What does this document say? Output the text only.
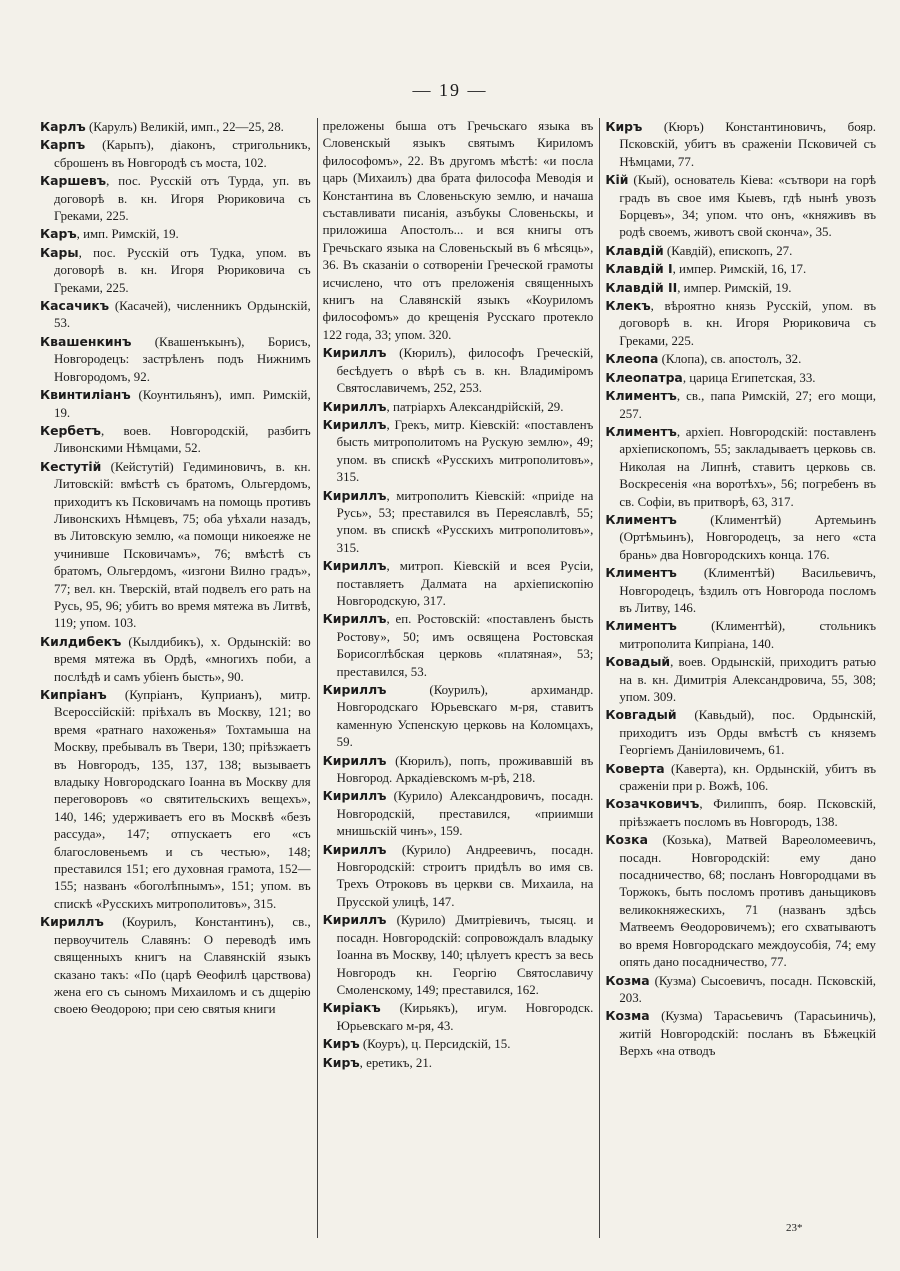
— 19 —

Карлъ (Карулъ) Великій, имп., 22—25, 28.

Карпъ (Карьпъ), діаконъ, стригольникъ, сброшенъ въ Новгородѣ съ моста, 102.

Каршевъ, пос. Русскій отъ Турда, уп. въ договорѣ в. кн. Игоря Рюриковича съ Греками, 225.

Каръ, имп. Римскій, 19.

Кары, пос. Русскій отъ Тудка, упом. въ договорѣ в. кн. Игоря Рюриковича съ Греками, 225.

Касачикъ (Касачей), численникъ Ордынскій, 53.

Квашенкинъ (Квашенъкынъ), Борисъ, Новгородецъ: застрѣленъ подъ Нижнимъ Новгородомъ, 92.

Квинтиліанъ (Коунтильянъ), имп. Римскій, 19.

Кербетъ, воев. Новгородскій, разбитъ Ливонскими Нѣмцами, 52.

Кестутій (Кейстутій) Гедиминовичъ, в. кн. Литовскій: вмѣстѣ съ братомъ, Ольгердомъ, приходитъ къ Псковичамъ на помощь противъ Ливонскихъ Нѣмцевъ, 75; оба уѣхали назадъ, въ Литовскую землю, «а помощи никоеяже не учинивше Псковичамъ», 76; вмѣстѣ съ братомъ, Ольгердомъ, «изгони Вилно градъ», 77; вел. кн. Тверскій, втай подвелъ его рать на Русь, 95, 96; убитъ во время мятежа въ Литвѣ, 119; упом. 103.

Килдибекъ (Кылдибикъ), х. Ордынскій: во время мятежа въ Ордѣ, «многихъ поби, а послѣдѣ и самъ убіенъ бысть», 90.

Кипріанъ (Купріанъ, Куприанъ), митр. Всероссійскій: пріѣхалъ въ Москву, 121; во время «ратнаго нахоженья» Тохтамыша на Москву, пребывалъ въ Твери, 130; пріѣзжаетъ въ Новгородъ, 135, 137, 138; вызываетъ владыку Новгородскаго Іоанна въ Москву для переговоровъ «о святительскихъ вещехъ», 140, 146; удерживаетъ его въ Москвѣ «безъ расcуда», 147; отпускаетъ его «съ благословеньемъ и съ честью», 148; преставился 151; его духовная грамота, 152—155; названъ «боголѣпнымъ», 151; упом. въ спискѣ «Русскихъ митрополитовъ», 315.

Кириллъ (Коурилъ, Константинъ), св., первоучитель Славянъ: О переводѣ имъ священныхъ книгъ на Славянскій языкъ сказано такъ: «По (царѣ Ѳеофилѣ царствова) жена его съ сыномъ Михаиломъ и съ дщерію своею Ѳеодорою; при сею святыя книги

преложены быша отъ Гречьскаго языка въ Словенскый языкъ святымъ Кириломъ философомъ», 22. Въ другомъ мѣстѣ: «и посла царь (Михаилъ) два брата философа Меводія и Константина въ Словеньскую землю, и начаша съставливати писанія, азъбукы Словеньскы, и приложиша Апостолъ... и вся книгы отъ Гречьскаго языка на Словеньскый въ 6 мѣсяць», 36. Въ сказаніи о сотвореніи Греческой грамоты исчислено, что отъ преложенія священныхъ книгъ на Славянскій языкъ «Коуриломъ философомъ» до крещенія Русскаго протекло 122 года, 33; упом. 320.

Кириллъ (Кюрилъ), философъ Греческій, бесѣдуетъ о вѣрѣ съ в. кн. Владиміромъ Святославичемъ, 252, 253.

Кириллъ, патріархъ Александрійскій, 29.

Кириллъ, Грекъ, митр. Кіевскій: «поставленъ бысть митрополитомъ на Рускую землю», 49; упом. въ спискѣ «Русскихъ митрополитовъ», 315.

Кириллъ, митрополитъ Кіевскій: «приіде на Русь», 53; преставился въ Переяславлѣ, 55; упом. въ спискѣ «Русскихъ митрополитовъ», 315.

Кириллъ, митроп. Кіевскій и всея Русіи, поставляетъ Далмата на архіепископію Новгородскую, 317.

Кириллъ, еп. Ростовскій: «поставленъ бысть Ростову», 50; имъ освящена Ростовская Борисоглѣбская церковь «платяная», 53; преставился, 53.

Кириллъ (Коурилъ), архимандр. Новгородскаго Юрьевскаго м-ря, ставитъ каменную Успенскую церковь на Коломцахъ, 59.

Кириллъ (Кюрилъ), попъ, проживавшій въ Новгород. Аркадіевскомъ м-рѣ, 218.

Кириллъ (Курило) Александровичъ, посадн. Новгородскій, преставился, «приимши мнишьскій чинъ», 159.

Кириллъ (Курило) Андреевичъ, посадн. Новгородскій: строитъ придѣлъ во имя св. Трехъ Отроковъ въ церкви св. Михаила, на Прусской улицѣ, 147.

Кириллъ (Курило) Дмитріевичъ, тысяц. и посадн. Новгородскій: сопровождалъ владыку Іоанна въ Москву, 140; цѣлуетъ крестъ за весь Новгородъ кн. Георгію Святославичу Смоленскому, 149; преставился, 162.

Киріакъ (Кирьякъ), игум. Новгородск. Юрьевскаго м-ря, 43.

Киръ (Коуръ), ц. Персидскій, 15.

Киръ, еретикъ, 21.

Киръ (Кюръ) Константиновичъ, бояр. Псковскій, убитъ въ сраженіи Псковичей съ Нѣмцами, 77.

Кій (Кый), основатель Кіева: «сътвори на горѣ градъ въ свое имя Кыевъ, гдѣ нынѣ увозъ Борцевъ», 34; упом. что онъ, «княживъ въ родѣ своемъ, животъ свой скончa», 35.

Клавдій (Кавдій), епископъ, 27.

Клавдій I, импер. Римскій, 16, 17.

Клавдій II, импер. Римскій, 19.

Клекъ, вѣроятно князь Русскій, упом. въ договорѣ в. кн. Игоря Рюриковича съ Греками, 225.

Клеопа (Клопа), св. апостолъ, 32.

Клеопатра, царица Египетская, 33.

Климентъ, св., папа Римскій, 27; его мощи, 257.

Климентъ, архіеп. Новгородскій: поставленъ архіепископомъ, 55; закладываетъ церковь св. Николая на Липнѣ, ставитъ церковь св. Воскресенія «на воротѣхъ», 56; погребенъ въ св. Софіи, въ притворѣ, 63, 317.

Климентъ (Климентѣй) Артемьинъ (Ортѣмьинъ), Новгородецъ, за него «ста брань» два Новгородскихъ конца. 176.

Климентъ (Климентѣй) Васильевичъ, Новгородецъ, ѣздилъ отъ Новгорода посломъ въ Литву, 146.

Климентъ (Климентѣй), стольникъ митрополита Кипріана, 140.

Ковадый, воев. Ордынскій, приходитъ ратью на в. кн. Димитрія Александровича, 55, 308; упом. 309.

Ковгадый (Кавьдый), пос. Ордынскій, приходитъ изъ Орды вмѣстѣ съ княземъ Георгіемъ Даніиловичемъ, 61.

Коверта (Каверта), кн. Ордынскій, убитъ въ сраженіи при р. Вожѣ, 106.

Козачковичъ, Филиппъ, бояр. Псковскій, пріѣзжаетъ посломъ въ Новгородъ, 138.

Козка (Козька), Матвей Вареоломеевичъ, посадн. Новгородскій: ему дано посадничество, 68; посланъ Новгородцами въ Торжокъ, быть посломъ противъ даньщиковъ великокняжескихъ, 71 (названъ здѣсь Матвеемъ Ѳеодоровичемъ); его схватываютъ во время Новгородскаго междоусобія, 74; ему опять дано посадничество, 77.

Козма (Кузма) Сысоевичъ, посадн. Псковскій, 203.

Козма (Кузма) Тарасьевичъ (Тарасьиничь), житій Новгородскій: посланъ въ Бѣжецкій Верхъ «на отводъ

23*
